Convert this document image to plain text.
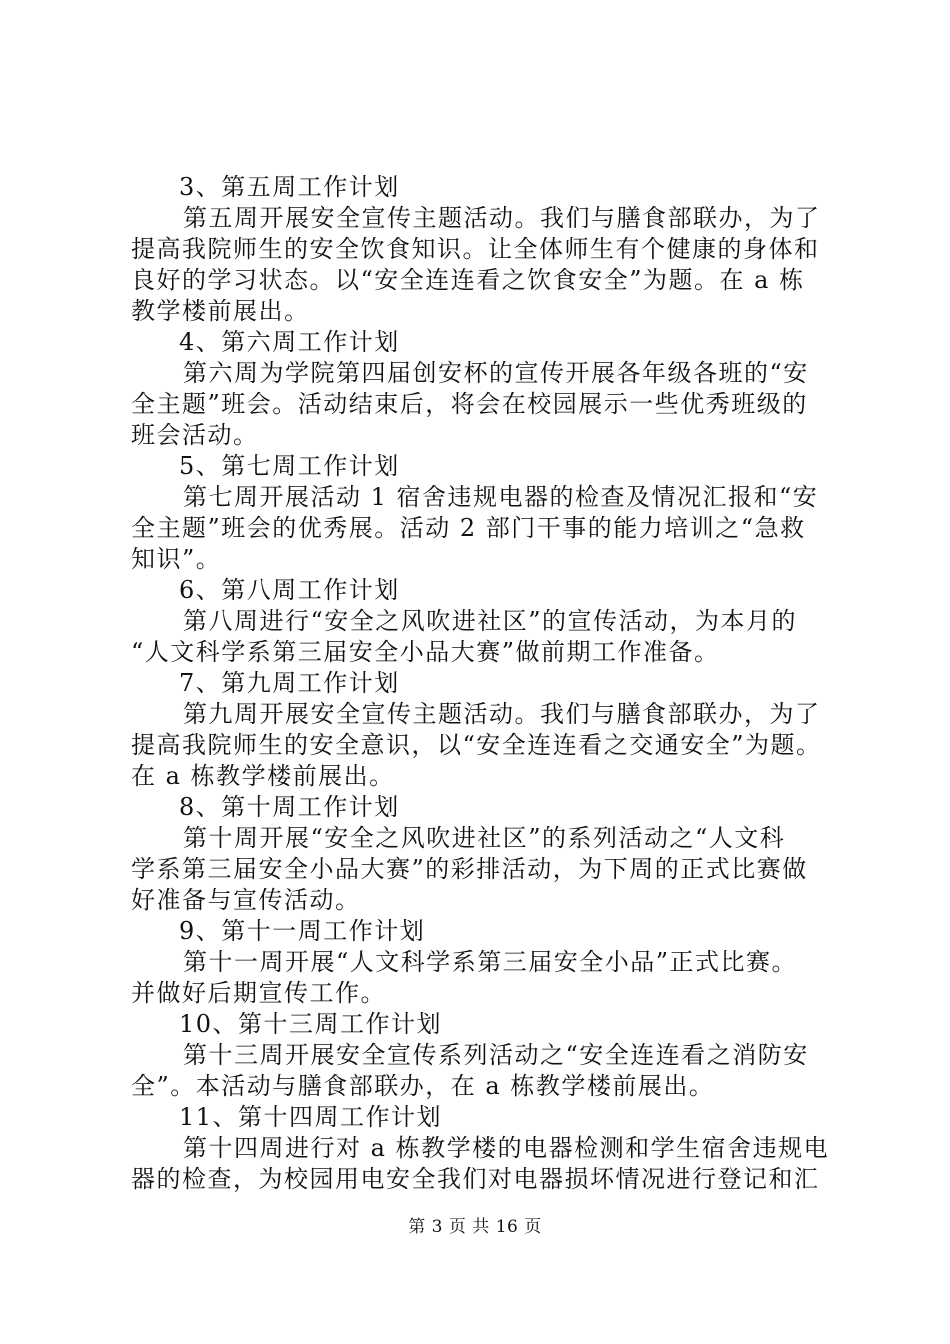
3、第五周工作计划
第五周开展安全宣传主题活动。我们与膳食部联办，为了
提高我院师生的安全饮食知识。让全体师生有个健康的身体和
良好的学习状态。以“安全连连看之饮食安全”为题。在 a 栋
教学楼前展出。
4、第六周工作计划
第六周为学院第四届创安杯的宣传开展各年级各班的“安
全主题”班会。活动结束后，将会在校园展示一些优秀班级的
班会活动。
5、第七周工作计划
第七周开展活动 1 宿舍违规电器的检查及情况汇报和“安
全主题”班会的优秀展。活动 2 部门干事的能力培训之“急救
知识”。
6、第八周工作计划
第八周进行“安全之风吹进社区”的宣传活动，为本月的
“人文科学系第三届安全小品大赛”做前期工作准备。
7、第九周工作计划
第九周开展安全宣传主题活动。我们与膳食部联办，为了
提高我院师生的安全意识，以“安全连连看之交通安全”为题。
在 a 栋教学楼前展出。
8、第十周工作计划
第十周开展“安全之风吹进社区”的系列活动之“人文科
学系第三届安全小品大赛”的彩排活动，为下周的正式比赛做
好准备与宣传活动。
9、第十一周工作计划
第十一周开展“人文科学系第三届安全小品”正式比赛。
并做好后期宣传工作。
10、第十三周工作计划
第十三周开展安全宣传系列活动之“安全连连看之消防安
全”。本活动与膳食部联办，在 a 栋教学楼前展出。
11、第十四周工作计划
第十四周进行对 a 栋教学楼的电器检测和学生宿舍违规电
器的检查，为校园用电安全我们对电器损坏情况进行登记和汇
第 3 页 共 16 页
